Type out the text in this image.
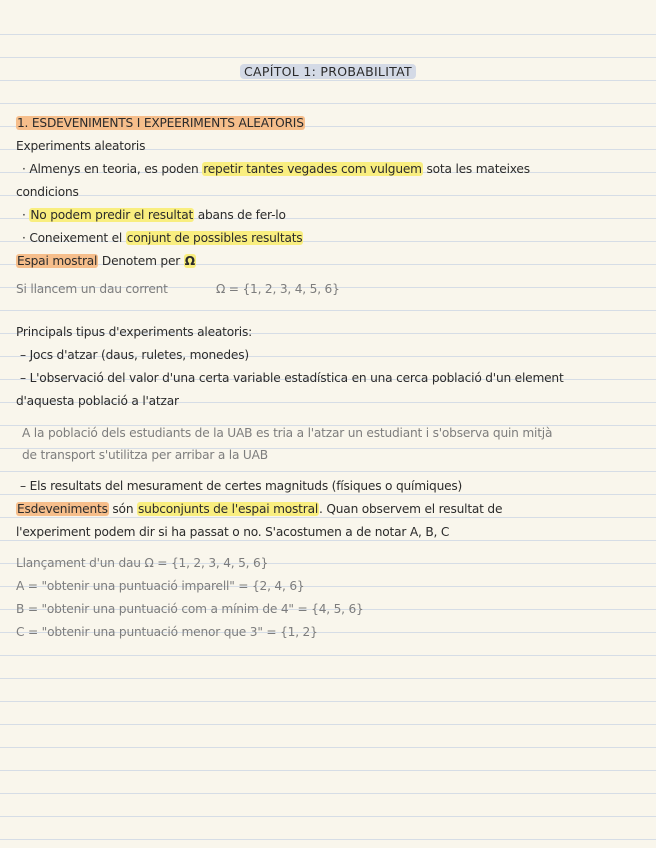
CAPÍTOL 1: PROBABILITAT
1. ESDEVENIMENTS I EXPEERIMENTS ALEATORIS
Experiments aleatoris
· Almenys en teoria, es poden repetir tantes vegades com vulguem sota les mateixes
condicions
· No podem predir el resultat abans de fer-lo
· Coneixement el conjunt de possibles resultats
Espai mostral Denotem per Ω
Si llancem un dau corrent	Ω = {1, 2, 3, 4, 5, 6}
Principals tipus d'experiments aleatoris:
– Jocs d'atzar (daus, ruletes, monedes)
– L'observació del valor d'una certa variable estadística en una cerca població d'un element
d'aquesta població a l'atzar
A la població dels estudiants de la UAB es tria a l'atzar un estudiant i s'observa quin mitjà
de transport s'utilitza per arribar a la UAB
– Els resultats del mesurament de certes magnituds (físiques o químiques)
Esdeveniments són subconjunts de l'espai mostral. Quan observem el resultat de
l'experiment podem dir si ha passat o no. S'acostumen a de notar A, B, C
Llançament d'un dau Ω = {1, 2, 3, 4, 5, 6}
A = "obtenir una puntuació imparell" = {2, 4, 6}
B = "obtenir una puntuació com a mínim de 4" = {4, 5, 6}
C = "obtenir una puntuació menor que 3" = {1, 2}
